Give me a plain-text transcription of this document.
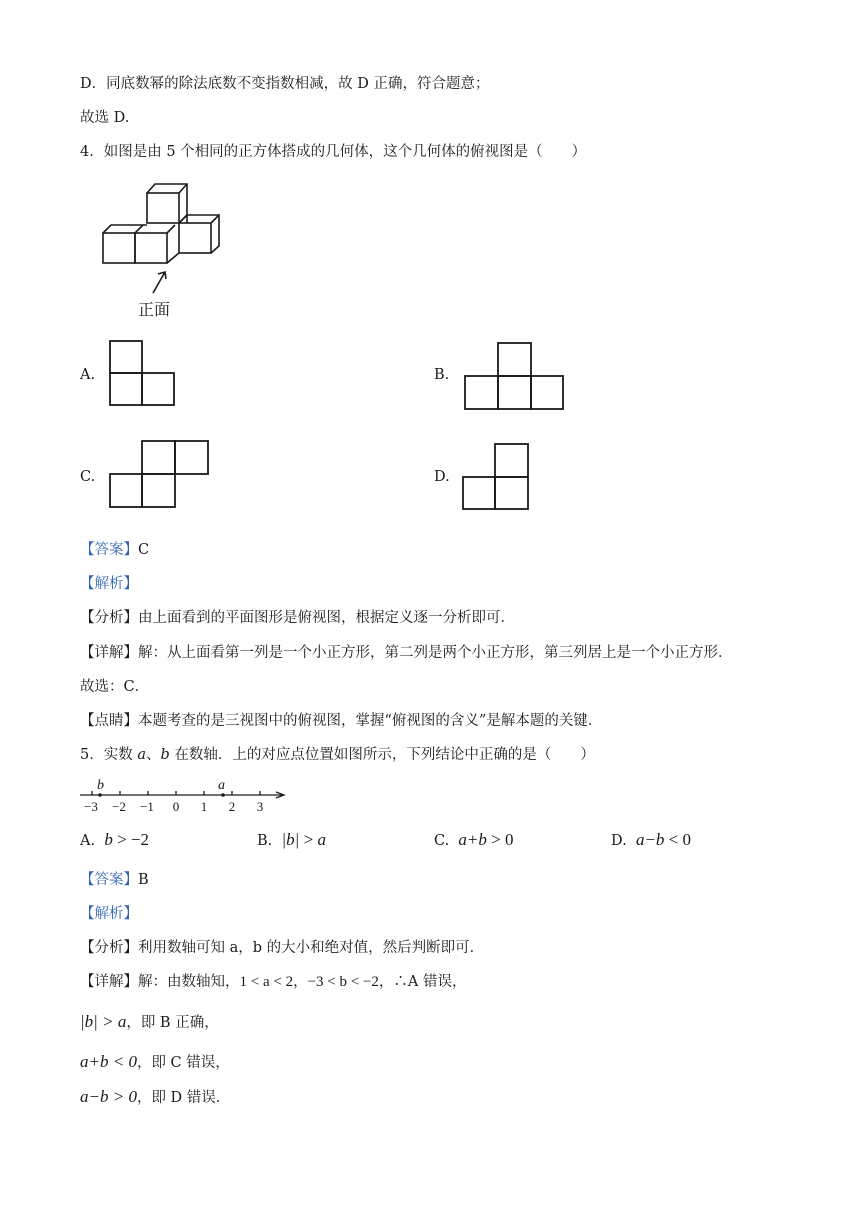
D．同底数幂的除法底数不变指数相减，故 D 正确，符合题意；
故选 D.
4．如图是由 5 个相同的正方体搭成的几何体，这个几何体的俯视图是（　　）
正面
A.	B.
C.	D.
【答案】C
【解析】
【分析】由上面看到的平面图形是俯视图，根据定义逐一分析即可．
【详解】解：从上面看第一列是一个小正方形，第二列是两个小正方形，第三列居上是一个小正方形．
故选：C．
【点睛】本题考查的是三视图中的俯视图，掌握“俯视图的含义”是解本题的关键．
5．实数 a、b 在数轴．上的对应点位置如图所示，下列结论中正确的是（　　）
b	a
−3 −2 −1 0 1 2 3
A. b > −2	B. |b| > a	C. a+b > 0	D. a−b < 0
【答案】B
【解析】
【分析】利用数轴可知 a，b 的大小和绝对值，然后判断即可．
【详解】解：由数轴知，1 < a < 2，−3 < b < −2，∴A 错误，
|b| > a，即 B 正确，
a+b < 0，即 C 错误，
a−b > 0，即 D 错误．
